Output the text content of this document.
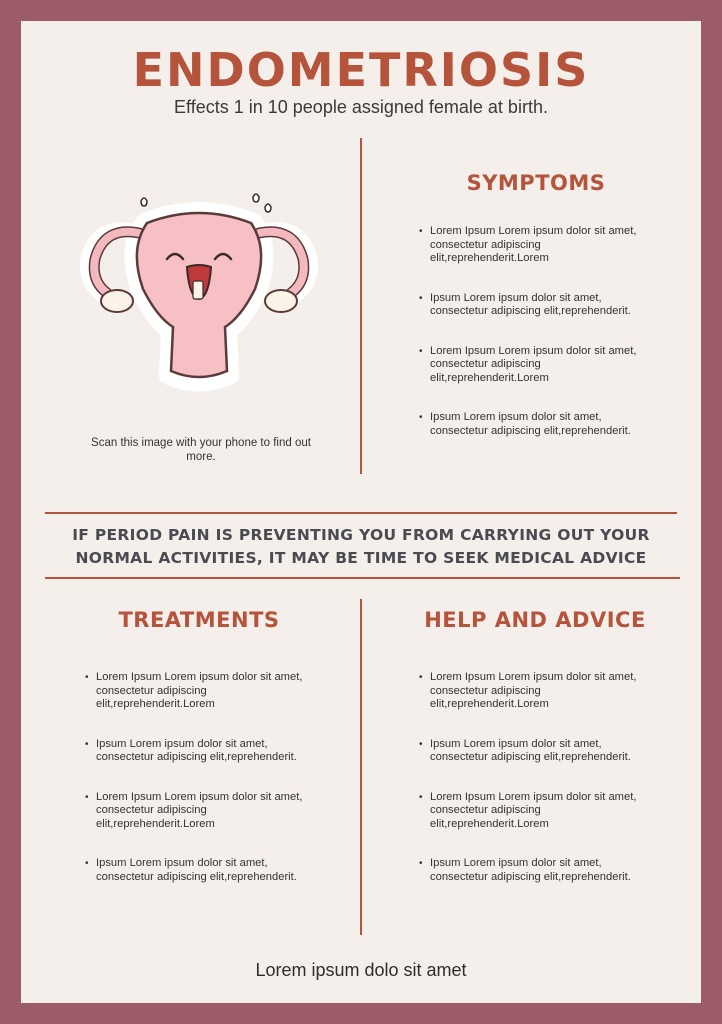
ENDOMETRIOSIS
Effects 1 in 10 people assigned female at birth.
Scan this image with your phone to find out more.
SYMPTOMS
• Lorem Ipsum Lorem ipsum dolor sit amet, consectetur adipiscing elit,reprehenderit.Lorem
• Ipsum Lorem ipsum dolor sit amet, consectetur adipiscing elit,reprehenderit.
• Lorem Ipsum Lorem ipsum dolor sit amet, consectetur adipiscing elit,reprehenderit.Lorem
• Ipsum Lorem ipsum dolor sit amet, consectetur adipiscing elit,reprehenderit.
IF PERIOD PAIN IS PREVENTING YOU FROM CARRYING OUT YOUR NORMAL ACTIVITIES, IT MAY BE TIME TO SEEK MEDICAL ADVICE
TREATMENTS
• Lorem Ipsum Lorem ipsum dolor sit amet, consectetur adipiscing elit,reprehenderit.Lorem
• Ipsum Lorem ipsum dolor sit amet, consectetur adipiscing elit,reprehenderit.
• Lorem Ipsum Lorem ipsum dolor sit amet, consectetur adipiscing elit,reprehenderit.Lorem
• Ipsum Lorem ipsum dolor sit amet, consectetur adipiscing elit,reprehenderit.
HELP AND ADVICE
• Lorem Ipsum Lorem ipsum dolor sit amet, consectetur adipiscing elit,reprehenderit.Lorem
• Ipsum Lorem ipsum dolor sit amet, consectetur adipiscing elit,reprehenderit.
• Lorem Ipsum Lorem ipsum dolor sit amet, consectetur adipiscing elit,reprehenderit.Lorem
• Ipsum Lorem ipsum dolor sit amet, consectetur adipiscing elit,reprehenderit.
Lorem ipsum dolo sit amet
